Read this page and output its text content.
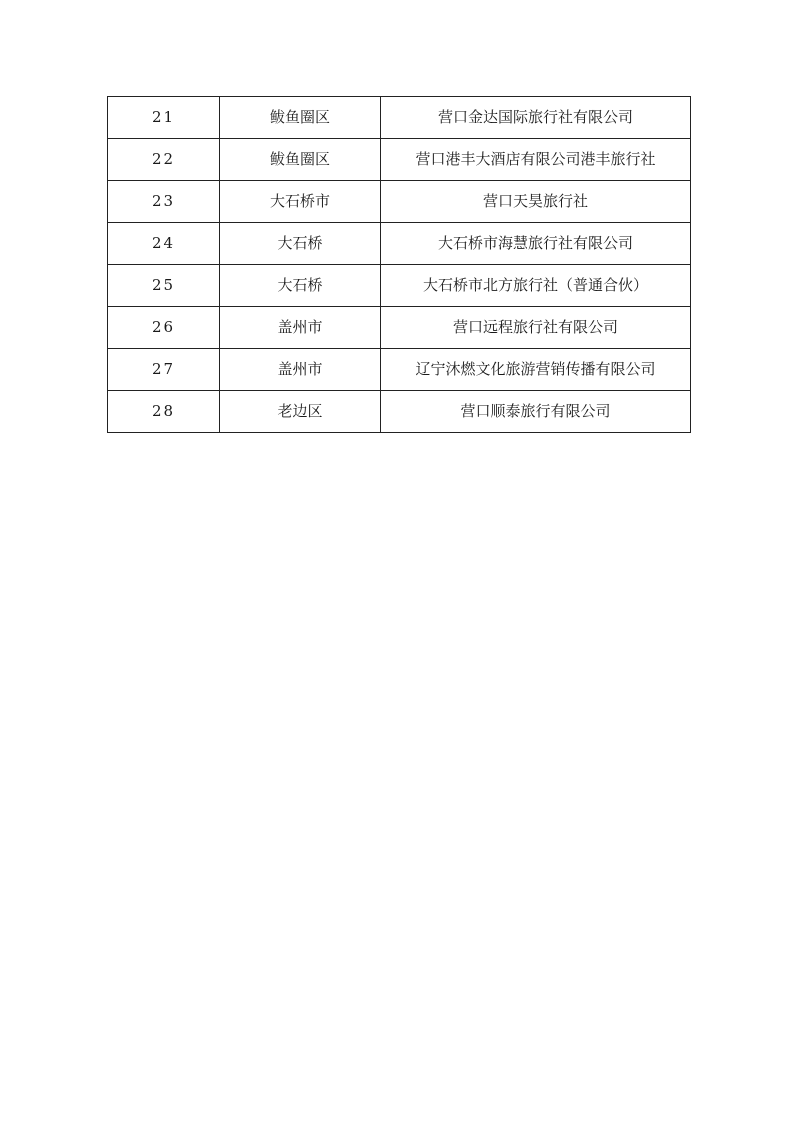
21	鲅鱼圈区	营口金达国际旅行社有限公司
22	鲅鱼圈区	营口港丰大酒店有限公司港丰旅行社
23	大石桥市	营口天昊旅行社
24	大石桥	大石桥市海慧旅行社有限公司
25	大石桥	大石桥市北方旅行社（普通合伙）
26	盖州市	营口远程旅行社有限公司
27	盖州市	辽宁沐燃文化旅游营销传播有限公司
28	老边区	营口顺泰旅行有限公司
